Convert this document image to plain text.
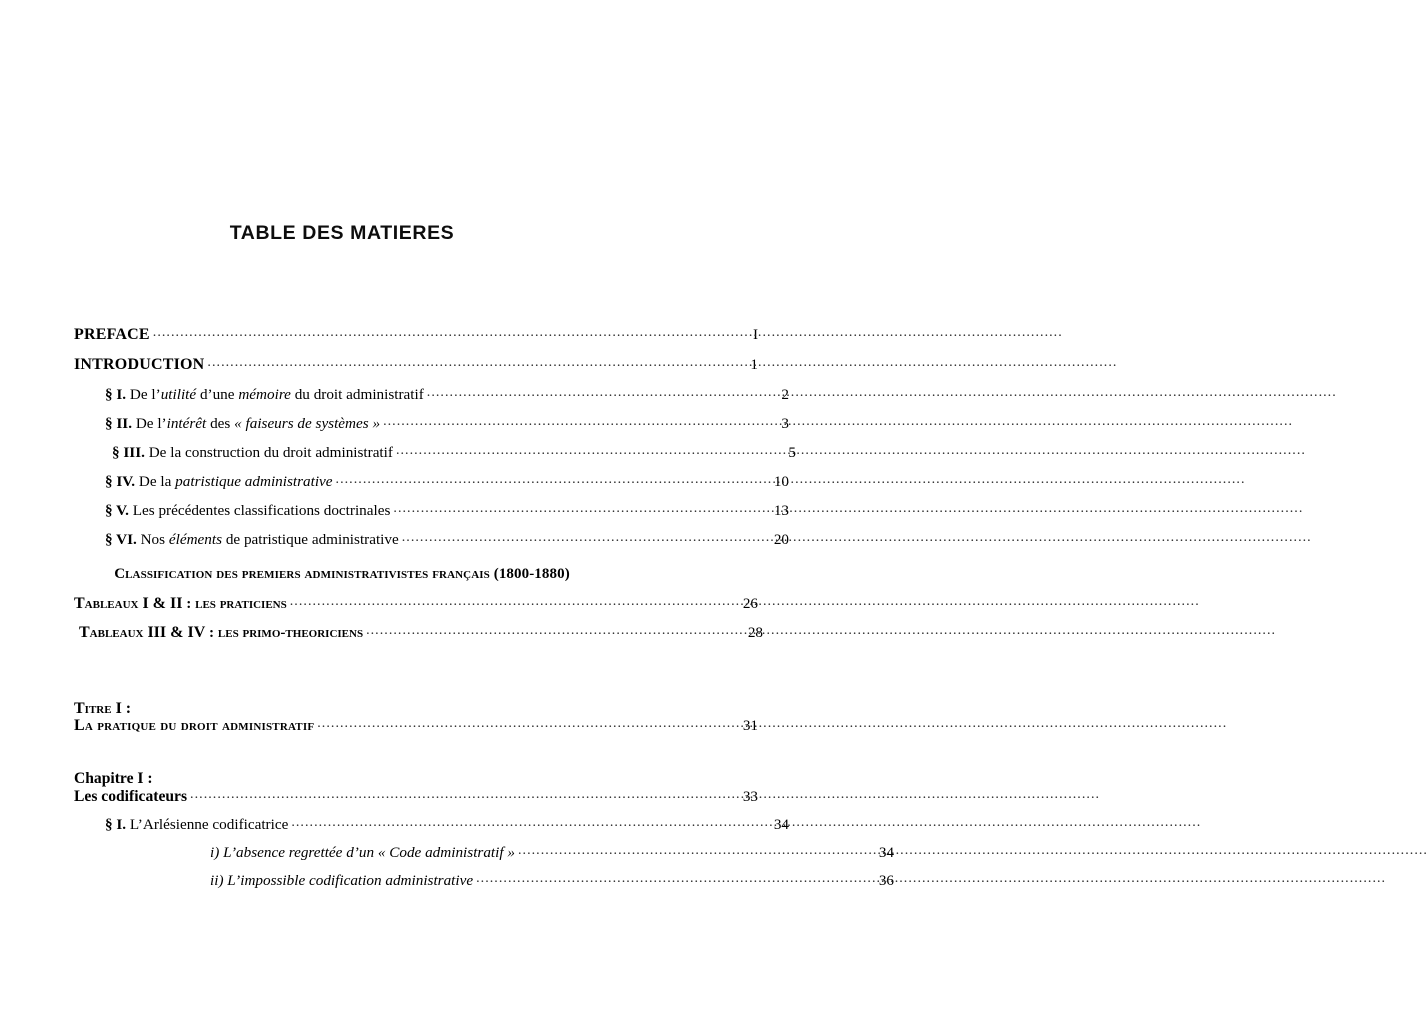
TABLE DES MATIERES
PREFACE .....	I
INTRODUCTION .....	1
§ I. De l’utilité d’une mémoire du droit administratif .....	2
§ II. De l’intérêt des « faiseurs de systèmes » .....	3
§ III. De la construction du droit administratif .....	5
§ IV. De la patristique administrative .....	10
§ V. Les précédentes classifications doctrinales .....	13
§ VI. Nos éléments de patristique administrative .....	20
Classification des premiers administrativistes français (1800-1880)
Tableaux I & II : les praticiens .....	26
Tableaux III & IV : les primo-theoriciens .....	28
Titre I :
La pratique du droit administratif .....	31
Chapitre I :
Les codificateurs .....	33
§ I. L’Arlésienne codificatrice .....	34
i) L’absence regrettée d’un « Code administratif » .....	34
ii) L’impossible codification administrative .....	36
